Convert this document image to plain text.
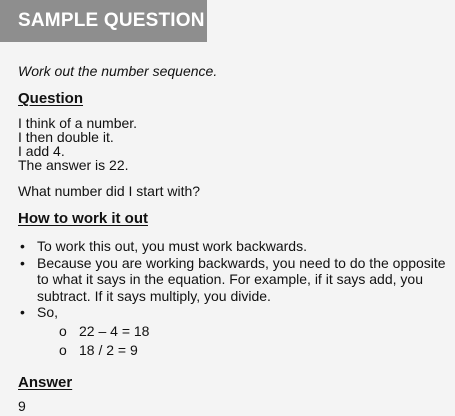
SAMPLE QUESTION
Work out the number sequence.
Question
I think of a number.
I then double it.
I add 4.
The answer is 22.
What number did I start with?
How to work it out
• To work this out, you must work backwards.
• Because you are working backwards, you need to do the opposite to what it says in the equation. For example, if it says add, you subtract. If it says multiply, you divide.
• So,
o 22 – 4 = 18
o 18 / 2 = 9
Answer
9
